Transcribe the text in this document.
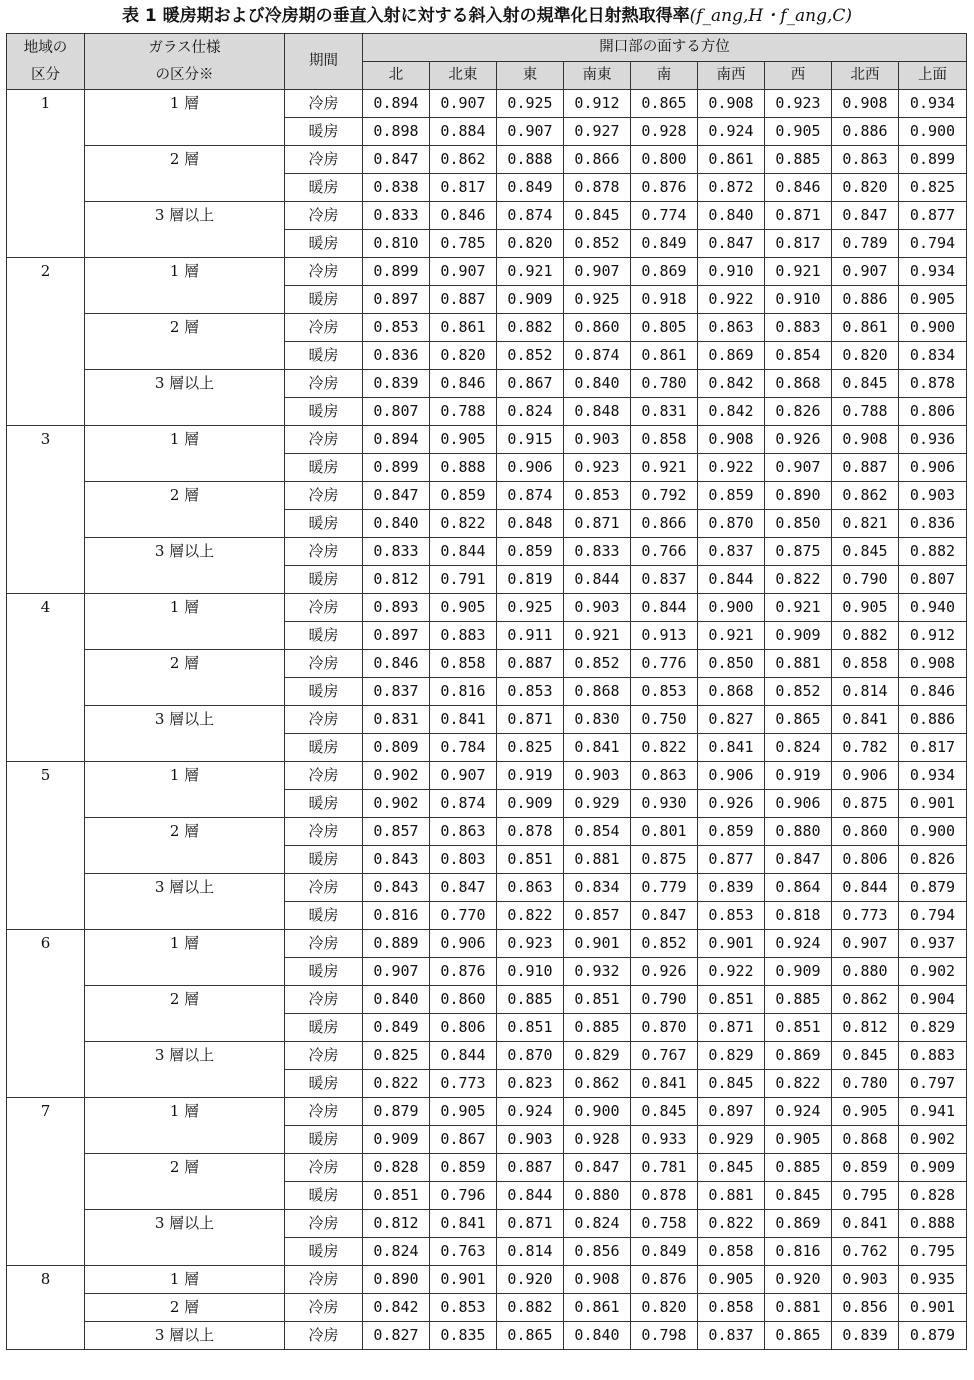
表 1 暖房期および冷房期の垂直入射に対する斜入射の規準化日射熱取得率(f_ang,H・f_ang,C)
地域の
区分	ガラス仕様
の区分※	期間	開口部の面する方位								
			北	北東	東	南東	南	南西	西	北西	上面
1	1 層	冷房	0.894	0.907	0.925	0.912	0.865	0.908	0.923	0.908	0.934
		暖房	0.898	0.884	0.907	0.927	0.928	0.924	0.905	0.886	0.900
	2 層	冷房	0.847	0.862	0.888	0.866	0.800	0.861	0.885	0.863	0.899
		暖房	0.838	0.817	0.849	0.878	0.876	0.872	0.846	0.820	0.825
	3 層以上	冷房	0.833	0.846	0.874	0.845	0.774	0.840	0.871	0.847	0.877
		暖房	0.810	0.785	0.820	0.852	0.849	0.847	0.817	0.789	0.794
2	1 層	冷房	0.899	0.907	0.921	0.907	0.869	0.910	0.921	0.907	0.934
		暖房	0.897	0.887	0.909	0.925	0.918	0.922	0.910	0.886	0.905
	2 層	冷房	0.853	0.861	0.882	0.860	0.805	0.863	0.883	0.861	0.900
		暖房	0.836	0.820	0.852	0.874	0.861	0.869	0.854	0.820	0.834
	3 層以上	冷房	0.839	0.846	0.867	0.840	0.780	0.842	0.868	0.845	0.878
		暖房	0.807	0.788	0.824	0.848	0.831	0.842	0.826	0.788	0.806
3	1 層	冷房	0.894	0.905	0.915	0.903	0.858	0.908	0.926	0.908	0.936
		暖房	0.899	0.888	0.906	0.923	0.921	0.922	0.907	0.887	0.906
	2 層	冷房	0.847	0.859	0.874	0.853	0.792	0.859	0.890	0.862	0.903
		暖房	0.840	0.822	0.848	0.871	0.866	0.870	0.850	0.821	0.836
	3 層以上	冷房	0.833	0.844	0.859	0.833	0.766	0.837	0.875	0.845	0.882
		暖房	0.812	0.791	0.819	0.844	0.837	0.844	0.822	0.790	0.807
4	1 層	冷房	0.893	0.905	0.925	0.903	0.844	0.900	0.921	0.905	0.940
		暖房	0.897	0.883	0.911	0.921	0.913	0.921	0.909	0.882	0.912
	2 層	冷房	0.846	0.858	0.887	0.852	0.776	0.850	0.881	0.858	0.908
		暖房	0.837	0.816	0.853	0.868	0.853	0.868	0.852	0.814	0.846
	3 層以上	冷房	0.831	0.841	0.871	0.830	0.750	0.827	0.865	0.841	0.886
		暖房	0.809	0.784	0.825	0.841	0.822	0.841	0.824	0.782	0.817
5	1 層	冷房	0.902	0.907	0.919	0.903	0.863	0.906	0.919	0.906	0.934
		暖房	0.902	0.874	0.909	0.929	0.930	0.926	0.906	0.875	0.901
	2 層	冷房	0.857	0.863	0.878	0.854	0.801	0.859	0.880	0.860	0.900
		暖房	0.843	0.803	0.851	0.881	0.875	0.877	0.847	0.806	0.826
	3 層以上	冷房	0.843	0.847	0.863	0.834	0.779	0.839	0.864	0.844	0.879
		暖房	0.816	0.770	0.822	0.857	0.847	0.853	0.818	0.773	0.794
6	1 層	冷房	0.889	0.906	0.923	0.901	0.852	0.901	0.924	0.907	0.937
		暖房	0.907	0.876	0.910	0.932	0.926	0.922	0.909	0.880	0.902
	2 層	冷房	0.840	0.860	0.885	0.851	0.790	0.851	0.885	0.862	0.904
		暖房	0.849	0.806	0.851	0.885	0.870	0.871	0.851	0.812	0.829
	3 層以上	冷房	0.825	0.844	0.870	0.829	0.767	0.829	0.869	0.845	0.883
		暖房	0.822	0.773	0.823	0.862	0.841	0.845	0.822	0.780	0.797
7	1 層	冷房	0.879	0.905	0.924	0.900	0.845	0.897	0.924	0.905	0.941
		暖房	0.909	0.867	0.903	0.928	0.933	0.929	0.905	0.868	0.902
	2 層	冷房	0.828	0.859	0.887	0.847	0.781	0.845	0.885	0.859	0.909
		暖房	0.851	0.796	0.844	0.880	0.878	0.881	0.845	0.795	0.828
	3 層以上	冷房	0.812	0.841	0.871	0.824	0.758	0.822	0.869	0.841	0.888
		暖房	0.824	0.763	0.814	0.856	0.849	0.858	0.816	0.762	0.795
8	1 層	冷房	0.890	0.901	0.920	0.908	0.876	0.905	0.920	0.903	0.935
	2 層	冷房	0.842	0.853	0.882	0.861	0.820	0.858	0.881	0.856	0.901
	3 層以上	冷房	0.827	0.835	0.865	0.840	0.798	0.837	0.865	0.839	0.879
